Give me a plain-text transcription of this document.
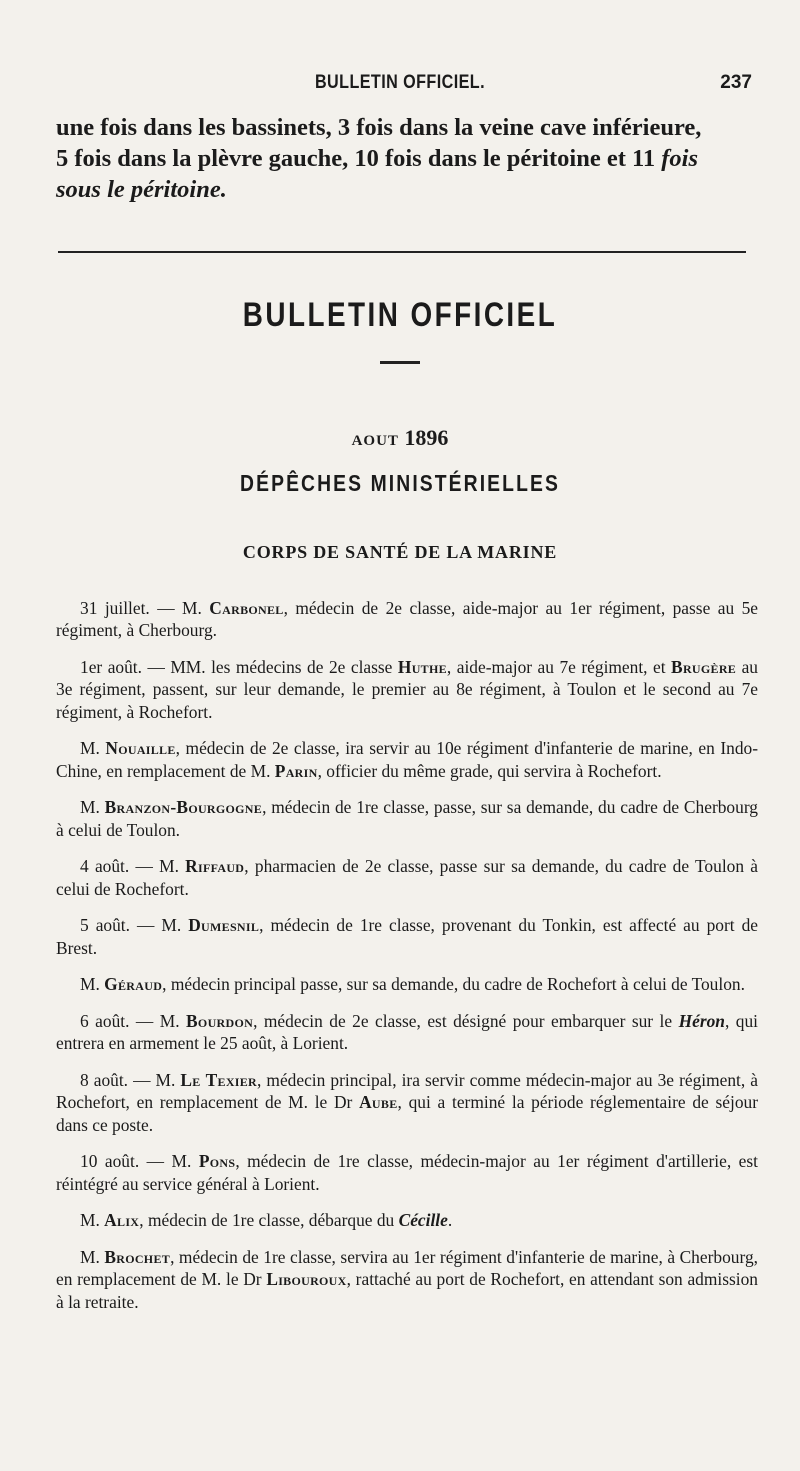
BULLETIN OFFICIEL.	237
une fois dans les bassinets, 3 fois dans la veine cave inférieure,
5 fois dans la plèvre gauche, 10 fois dans le péritoine et 11 fois
sous le péritoine.
BULLETIN OFFICIEL
AOUT 1896
DÉPÊCHES MINISTÉRIELLES
CORPS DE SANTÉ DE LA MARINE

31 juillet. — M. Carbonel, médecin de 2e classe, aide-major au 1er régiment, passe au 5e régiment, à Cherbourg.

1er août. — MM. les médecins de 2e classe Huthe, aide-major au 7e régiment, et Brugère au 3e régiment, passent, sur leur demande, le premier au 8e régiment, à Toulon et le second au 7e régiment, à Rochefort.

M. Nouaille, médecin de 2e classe, ira servir au 10e régiment d'infanterie de marine, en Indo-Chine, en remplacement de M. Parin, officier du même grade, qui servira à Rochefort.

M. Branzon-Bourgogne, médecin de 1re classe, passe, sur sa demande, du cadre de Cherbourg à celui de Toulon.

4 août. — M. Riffaud, pharmacien de 2e classe, passe sur sa demande, du cadre de Toulon à celui de Rochefort.

5 août. — M. Dumesnil, médecin de 1re classe, provenant du Tonkin, est affecté au port de Brest.

M. Géraud, médecin principal passe, sur sa demande, du cadre de Rochefort à celui de Toulon.

6 août. — M. Bourdon, médecin de 2e classe, est désigné pour embarquer sur le Héron, qui entrera en armement le 25 août, à Lorient.

8 août. — M. Le Texier, médecin principal, ira servir comme médecin-major au 3e régiment, à Rochefort, en remplacement de M. le Dr Aube, qui a terminé la période réglementaire de séjour dans ce poste.

10 août. — M. Pons, médecin de 1re classe, médecin-major au 1er régiment d'artillerie, est réintégré au service général à Lorient.

M. Alix, médecin de 1re classe, débarque du Cécille.

M. Brochet, médecin de 1re classe, servira au 1er régiment d'infanterie de marine, à Cherbourg, en remplacement de M. le Dr Libouroux, rattaché au port de Rochefort, en attendant son admission à la retraite.
